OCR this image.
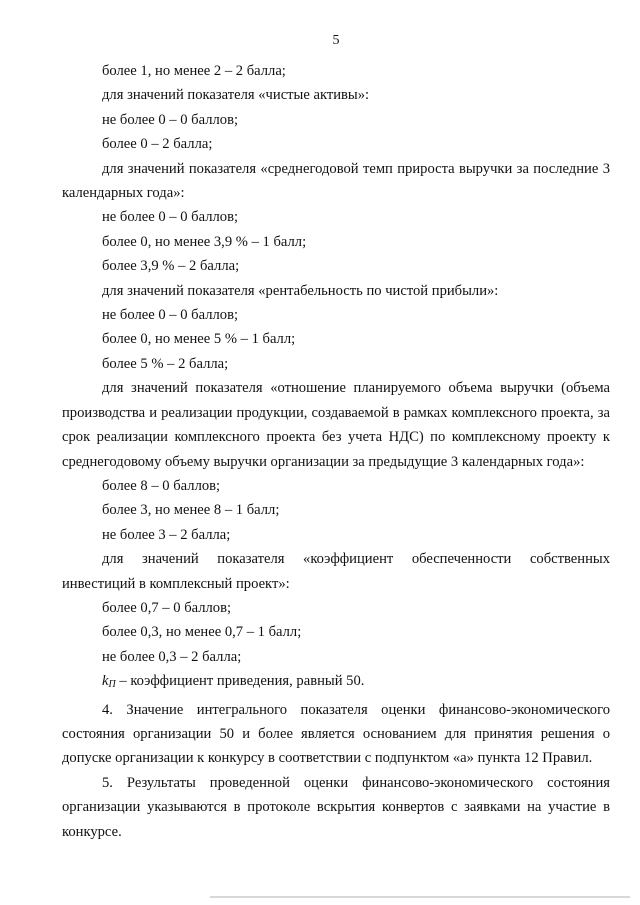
5

более 1, но менее 2 – 2 балла;

для значений показателя «чистые активы»:

не более 0 – 0 баллов;

более 0 – 2 балла;

для значений показателя «среднегодовой темп прироста выручки за последние 3 календарных года»:

не более 0 – 0 баллов;

более 0, но менее 3,9 % – 1 балл;

более 3,9 % – 2 балла;

для значений показателя «рентабельность по чистой прибыли»:

не более 0 – 0 баллов;

более 0, но менее 5 % – 1 балл;

более 5 % – 2 балла;

для значений показателя «отношение планируемого объема выручки (объема производства и реализации продукции, создаваемой в рамках комплексного проекта, за срок реализации комплексного проекта без учета НДС) по комплексному проекту к среднегодовому объему выручки организации за предыдущие 3 календарных года»:

более 8 – 0 баллов;

более 3, но менее 8 – 1 балл;

не более 3 – 2 балла;

для значений показателя «коэффициент обеспеченности собственных инвестиций в комплексный проект»:

более 0,7 – 0 баллов;

более 0,3, но менее 0,7 – 1 балл;

не более 0,3 – 2 балла;

$k_П$ – коэффициент приведения, равный 50.

4. Значение интегрального показателя оценки финансово-экономического состояния организации 50 и более является основанием для принятия решения о допуске организации к конкурсу в соответствии с подпунктом «а» пункта 12 Правил.

5. Результаты проведенной оценки финансово-экономического состояния организации указываются в протоколе вскрытия конвертов с заявками на участие в конкурсе.
